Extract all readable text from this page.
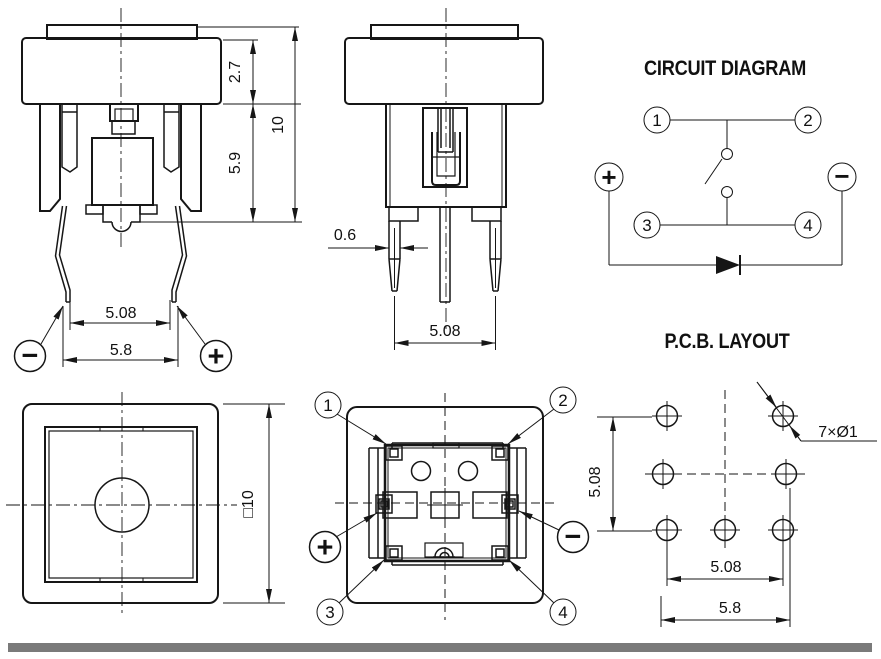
2.7
5.9
10
5.08
5.8
−	+
0.6
5.08
CIRCUIT DIAGRAM
1	2
3	4
+	−
□10
1	2
3	4
+	−
P.C.B. LAYOUT
7×Ø1
5.08
5.08
5.8
